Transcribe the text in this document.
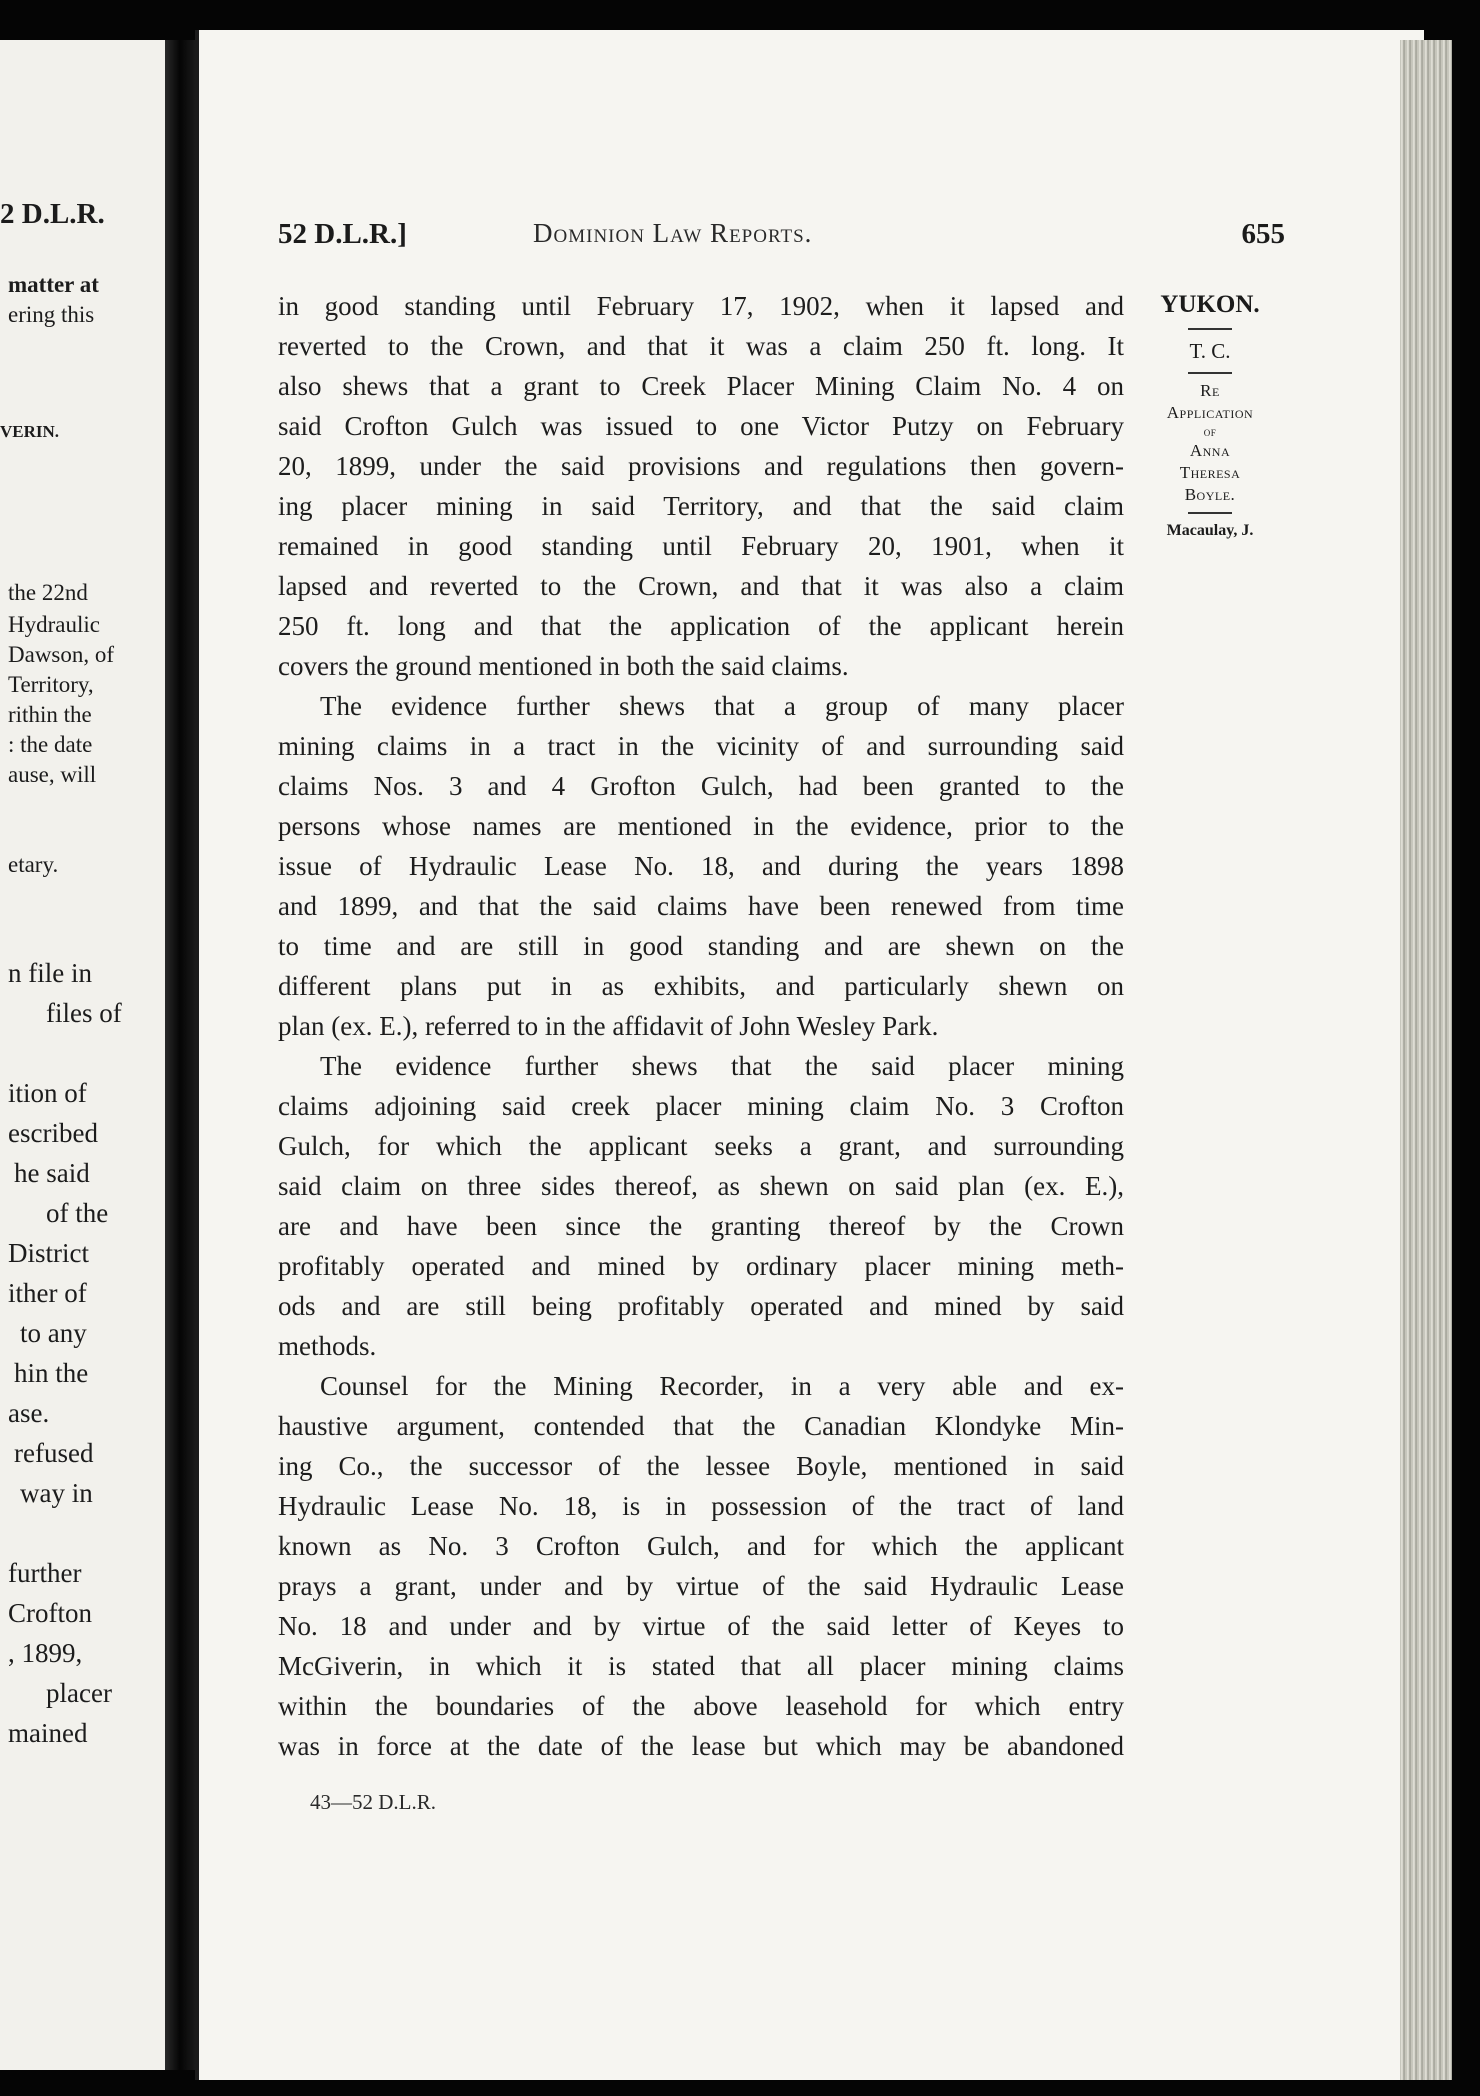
2 D.L.R.
matter at
ering this
VERIN.
the 22nd
Hydraulic
Dawson, of
Territory,
rithin the
: the date
ause, will
etary.
n file in
files of
ition of
escribed
he said
of the
District
ither of
to any
hin the
ase.
refused
way in
further
Crofton
, 1899,
placer
mained
52 D.L.R.]	Dominion Law Reports.	655
in good standing until February 17, 1902, when it lapsed and
reverted to the Crown, and that it was a claim 250 ft. long. It
also shews that a grant to Creek Placer Mining Claim No. 4 on
said Crofton Gulch was issued to one Victor Putzy on February
20, 1899, under the said provisions and regulations then govern-
ing placer mining in said Territory, and that the said claim
remained in good standing until February 20, 1901, when it
lapsed and reverted to the Crown, and that it was also a claim
250 ft. long and that the application of the applicant herein
covers the ground mentioned in both the said claims.
The evidence further shews that a group of many placer
mining claims in a tract in the vicinity of and surrounding said
claims Nos. 3 and 4 Grofton Gulch, had been granted to the
persons whose names are mentioned in the evidence, prior to the
issue of Hydraulic Lease No. 18, and during the years 1898
and 1899, and that the said claims have been renewed from time
to time and are still in good standing and are shewn on the
different plans put in as exhibits, and particularly shewn on
plan (ex. E.), referred to in the affidavit of John Wesley Park.
The evidence further shews that the said placer mining
claims adjoining said creek placer mining claim No. 3 Crofton
Gulch, for which the applicant seeks a grant, and surrounding
said claim on three sides thereof, as shewn on said plan (ex. E.),
are and have been since the granting thereof by the Crown
profitably operated and mined by ordinary placer mining meth-
ods and are still being profitably operated and mined by said
methods.
Counsel for the Mining Recorder, in a very able and ex-
haustive argument, contended that the Canadian Klondyke Min-
ing Co., the successor of the lessee Boyle, mentioned in said
Hydraulic Lease No. 18, is in possession of the tract of land
known as No. 3 Crofton Gulch, and for which the applicant
prays a grant, under and by virtue of the said Hydraulic Lease
No. 18 and under and by virtue of the said letter of Keyes to
McGiverin, in which it is stated that all placer mining claims
within the boundaries of the above leasehold for which entry
was in force at the date of the lease but which may be abandoned
YUKON.
T. C.
Re
Application
of
Anna
Theresa
Boyle.
Macaulay, J.
43—52 D.L.R.
